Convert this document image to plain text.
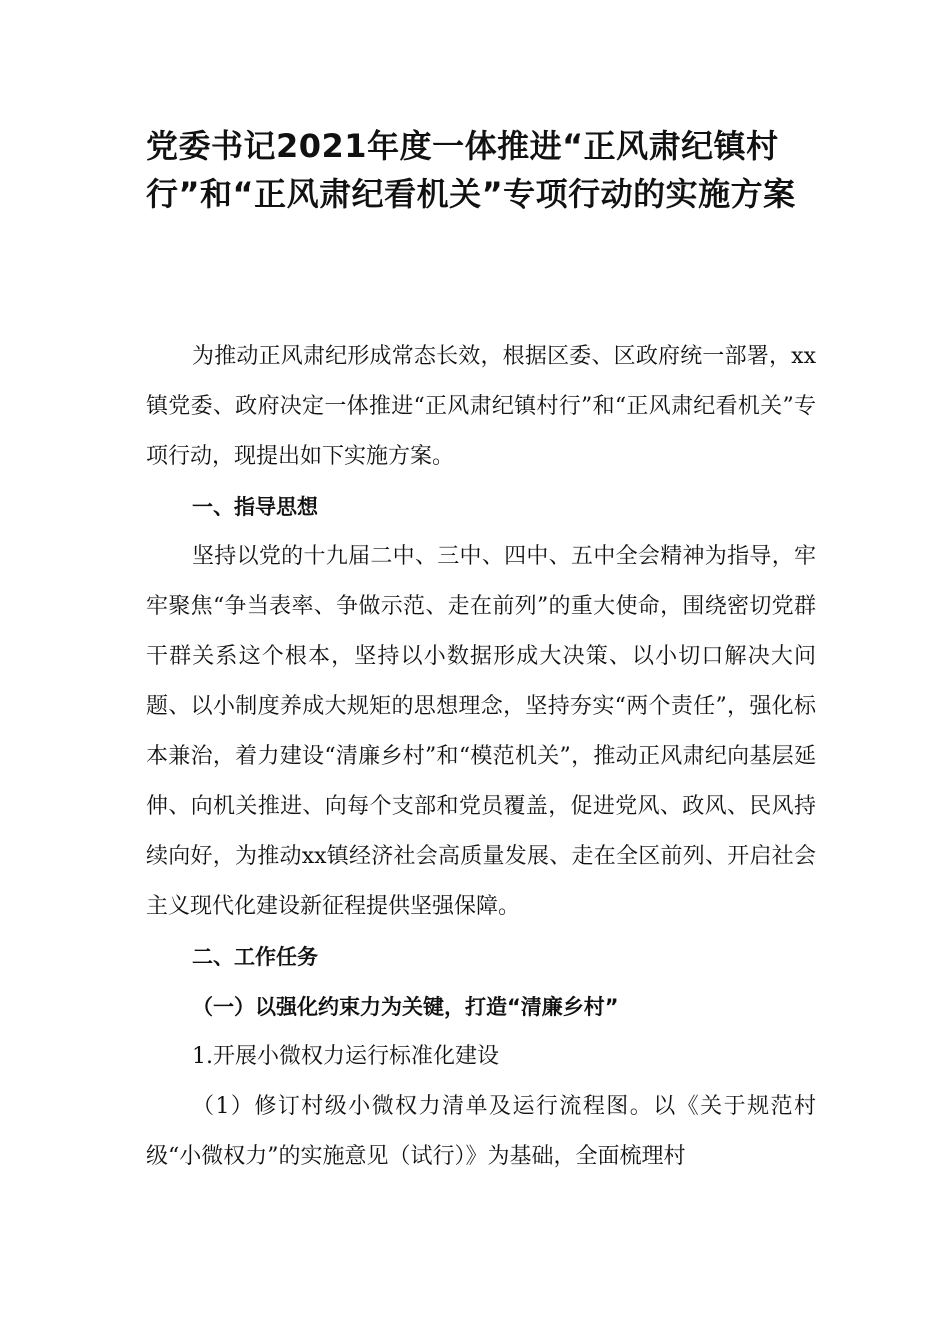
党委书记2021年度一体推进“正风肃纪镇村行”和“正风肃纪看机关”专项行动的实施方案

为推动正风肃纪形成常态长效，根据区委、区政府统一部署，xx镇党委、政府决定一体推进“正风肃纪镇村行”和“正风肃纪看机关”专项行动，现提出如下实施方案。

一、指导思想

坚持以党的十九届二中、三中、四中、五中全会精神为指导，牢牢聚焦“争当表率、争做示范、走在前列”的重大使命，围绕密切党群干群关系这个根本，坚持以小数据形成大决策、以小切口解决大问题、以小制度养成大规矩的思想理念，坚持夯实“两个责任”，强化标本兼治，着力建设“清廉乡村”和“模范机关”，推动正风肃纪向基层延伸、向机关推进、向每个支部和党员覆盖，促进党风、政风、民风持续向好，为推动xx镇经济社会高质量发展、走在全区前列、开启社会主义现代化建设新征程提供坚强保障。

二、工作任务

（一）以强化约束力为关键，打造“清廉乡村”

1.开展小微权力运行标准化建设

（1）修订村级小微权力清单及运行流程图。以《关于规范村级“小微权力”的实施意见（试行）》为基础，全面梳理村
